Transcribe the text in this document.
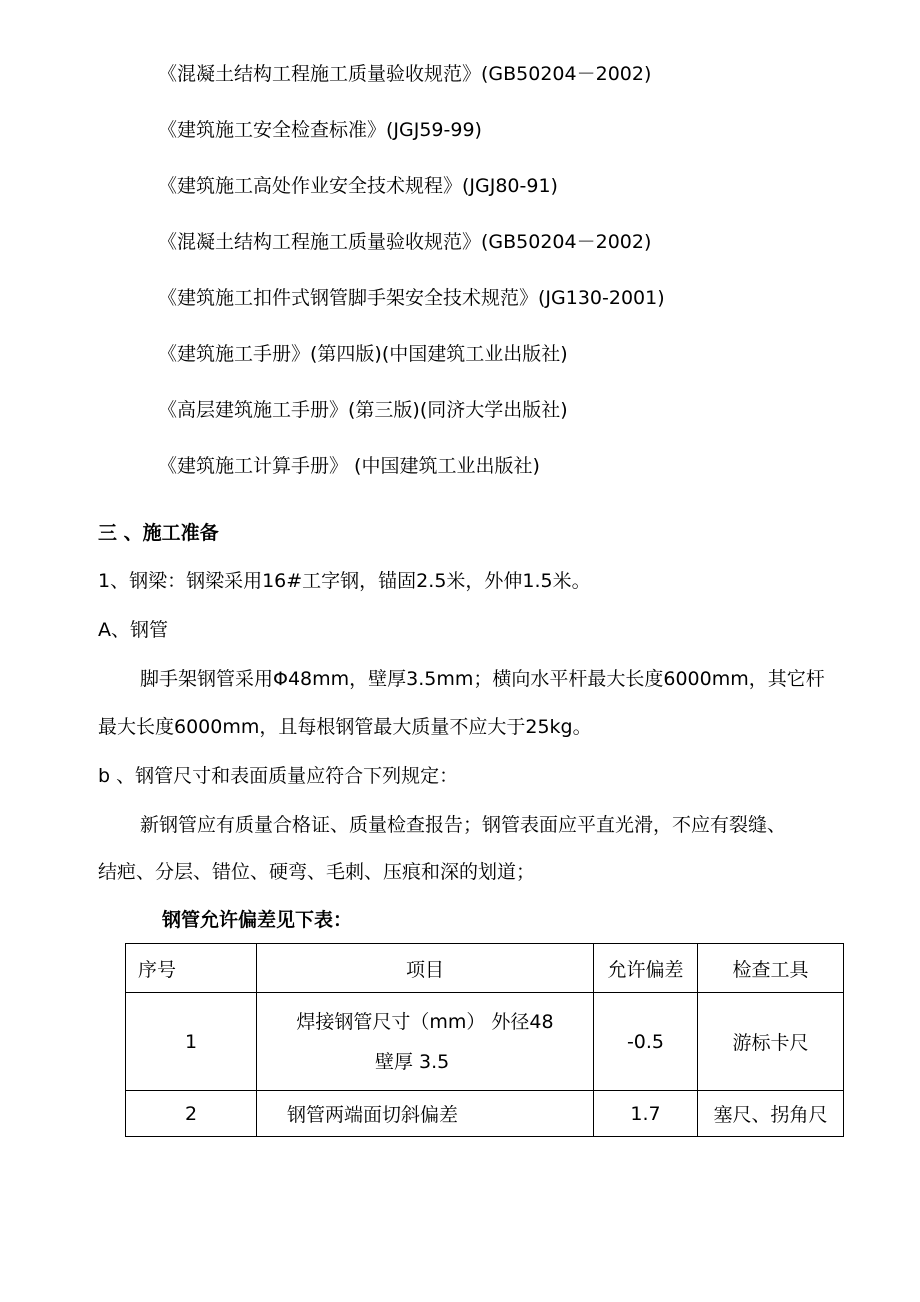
《混凝土结构工程施工质量验收规范》(GB50204－2002)
《建筑施工安全检查标准》(JGJ59-99)
《建筑施工高处作业安全技术规程》(JGJ80-91)
《混凝土结构工程施工质量验收规范》(GB50204－2002)
《建筑施工扣件式钢管脚手架安全技术规范》(JG130-2001)
《建筑施工手册》(第四版)(中国建筑工业出版社)
《高层建筑施工手册》(第三版)(同济大学出版社)
《建筑施工计算手册》 (中国建筑工业出版社)
三 、施工准备
1、钢梁：钢梁采用16#工字钢，锚固2.5米，外伸1.5米。
A、钢管
脚手架钢管采用Φ48mm，壁厚3.5mm；横向水平杆最大长度6000mm，其它杆
最大长度6000mm，且每根钢管最大质量不应大于25kg。
b 、钢管尺寸和表面质量应符合下列规定：
新钢管应有质量合格证、质量检查报告；钢管表面应平直光滑，不应有裂缝、
结疤、分层、错位、硬弯、毛刺、压痕和深的划道；
钢管允许偏差见下表：
序号	项目	允许偏差	检查工具
1	焊接钢管尺寸（mm） 外径48
壁厚 3.5	-0.5	游标卡尺
2	钢管两端面切斜偏差	1.7	塞尺、拐角尺
